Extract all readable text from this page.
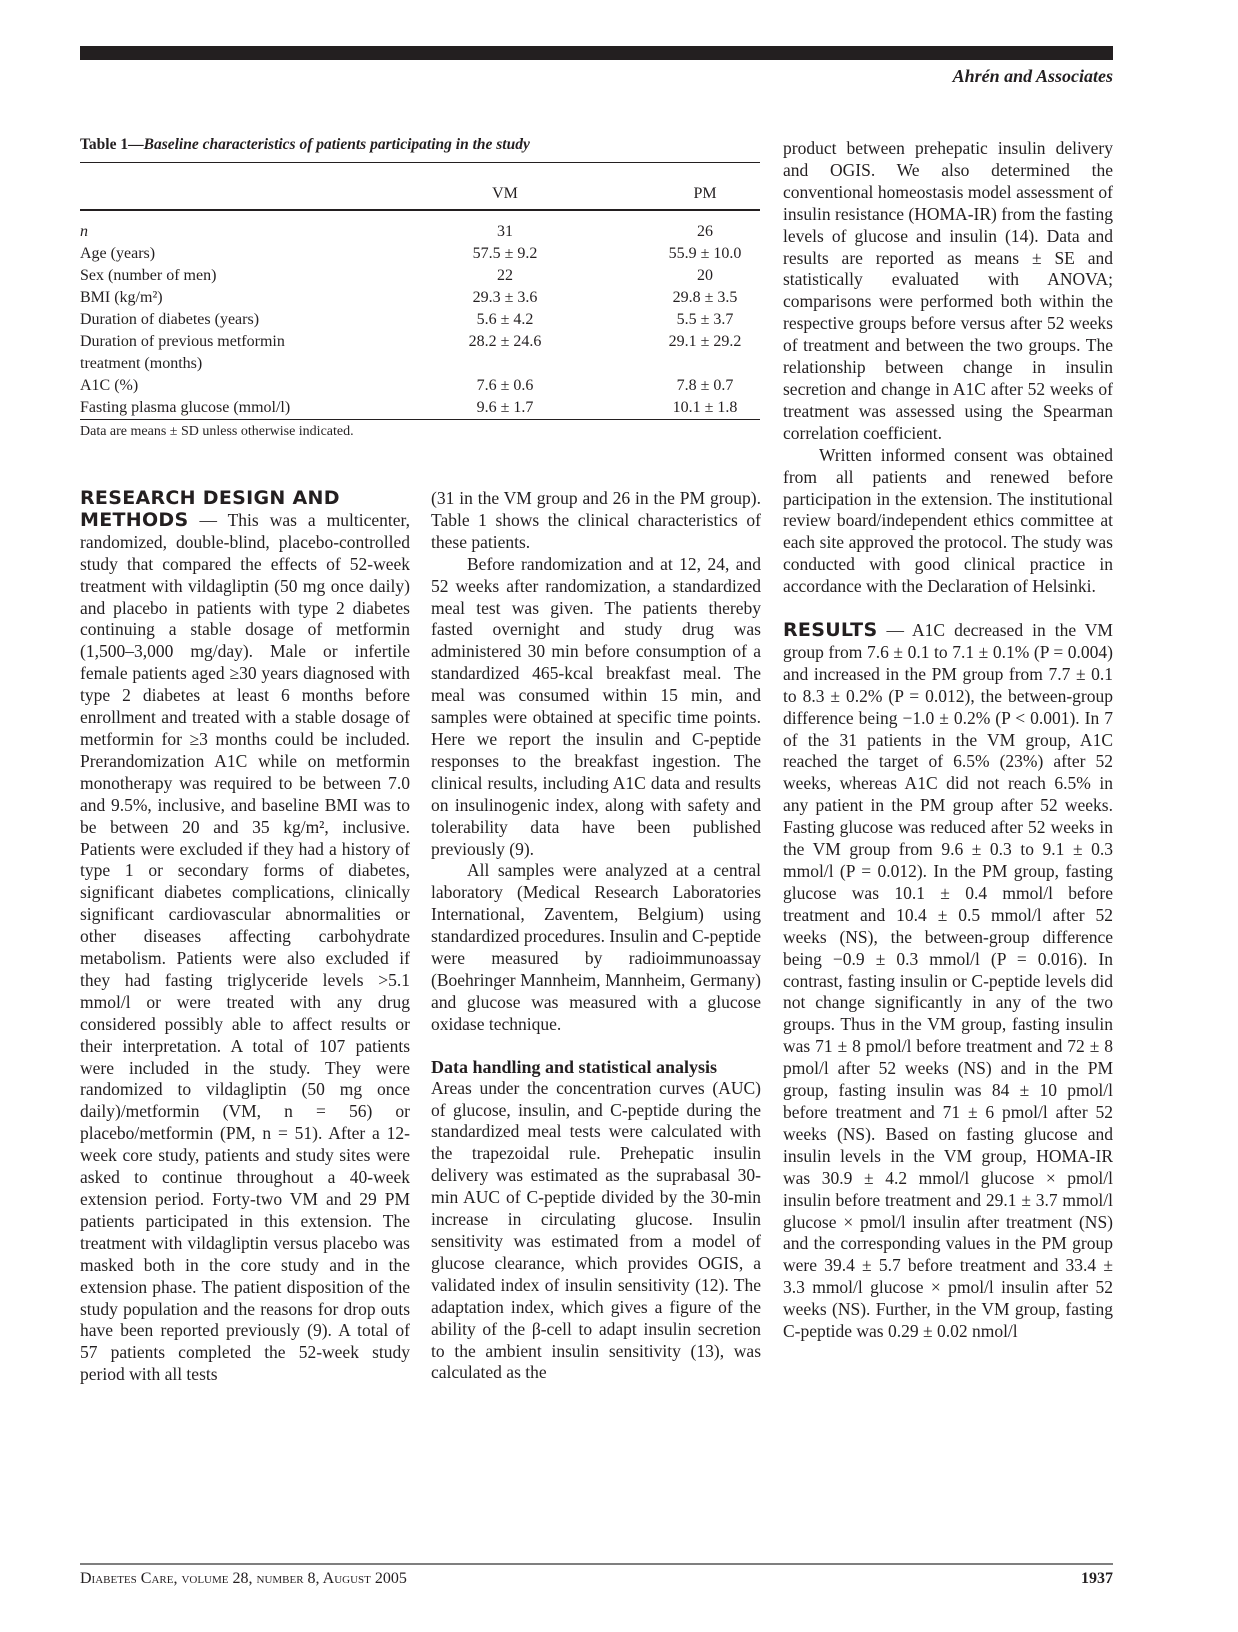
Ahrén and Associates
Table 1—Baseline characteristics of patients participating in the study
	VM	PM
n	31	26
Age (years)	57.5 ± 9.2	55.9 ± 10.0
Sex (number of men)	22	20
BMI (kg/m²)	29.3 ± 3.6	29.8 ± 3.5
Duration of diabetes (years)	5.6 ± 4.2	5.5 ± 3.7
Duration of previous metformin	28.2 ± 24.6	29.1 ± 29.2
treatment (months)		
A1C (%)	7.6 ± 0.6	7.8 ± 0.7
Fasting plasma glucose (mmol/l)	9.6 ± 1.7	10.1 ± 1.8
Data are means ± SD unless otherwise indicated.
RESEARCH DESIGN AND

METHODS — This was a multicenter, randomized, double-blind, placebo-controlled study that compared the effects of 52-week treatment with vildagliptin (50 mg once daily) and placebo in patients with type 2 diabetes continuing a stable dosage of metformin (1,500–3,000 mg/day). Male or infertile female patients aged ≥30 years diagnosed with type 2 diabetes at least 6 months before enrollment and treated with a stable dosage of metformin for ≥3 months could be included. Prerandomization A1C while on metformin monotherapy was required to be between 7.0 and 9.5%, inclusive, and baseline BMI was to be between 20 and 35 kg/m², inclusive. Patients were excluded if they had a history of type 1 or secondary forms of diabetes, significant diabetes complications, clinically significant cardiovascular abnormalities or other diseases affecting carbohydrate metabolism. Patients were also excluded if they had fasting triglyceride levels >5.1 mmol/l or were treated with any drug considered possibly able to affect results or their interpretation. A total of 107 patients were included in the study. They were randomized to vildagliptin (50 mg once daily)/metformin (VM, n = 56) or placebo/metformin (PM, n = 51). After a 12-week core study, patients and study sites were asked to continue throughout a 40-week extension period. Forty-two VM and 29 PM patients participated in this extension. The treatment with vildagliptin versus placebo was masked both in the core study and in the extension phase. The patient disposition of the study population and the reasons for drop outs have been reported previously (9). A total of 57 patients completed the 52-week study period with all tests

(31 in the VM group and 26 in the PM group). Table 1 shows the clinical characteristics of these patients.

Before randomization and at 12, 24, and 52 weeks after randomization, a standardized meal test was given. The patients thereby fasted overnight and study drug was administered 30 min before consumption of a standardized 465-kcal breakfast meal. The meal was consumed within 15 min, and samples were obtained at specific time points. Here we report the insulin and C-peptide responses to the breakfast ingestion. The clinical results, including A1C data and results on insulinogenic index, along with safety and tolerability data have been published previously (9).

All samples were analyzed at a central laboratory (Medical Research Laboratories International, Zaventem, Belgium) using standardized procedures. Insulin and C-peptide were measured by radioimmunoassay (Boehringer Mannheim, Mannheim, Germany) and glucose was measured with a glucose oxidase technique.

Data handling and statistical analysis

Areas under the concentration curves (AUC) of glucose, insulin, and C-peptide during the standardized meal tests were calculated with the trapezoidal rule. Prehepatic insulin delivery was estimated as the suprabasal 30-min AUC of C-peptide divided by the 30-min increase in circulating glucose. Insulin sensitivity was estimated from a model of glucose clearance, which provides OGIS, a validated index of insulin sensitivity (12). The adaptation index, which gives a figure of the ability of the β-cell to adapt insulin secretion to the ambient insulin sensitivity (13), was calculated as the

product between prehepatic insulin delivery and OGIS. We also determined the conventional homeostasis model assessment of insulin resistance (HOMA-IR) from the fasting levels of glucose and insulin (14). Data and results are reported as means ± SE and statistically evaluated with ANOVA; comparisons were performed both within the respective groups before versus after 52 weeks of treatment and between the two groups. The relationship between change in insulin secretion and change in A1C after 52 weeks of treatment was assessed using the Spearman correlation coefficient.

Written informed consent was obtained from all patients and renewed before participation in the extension. The institutional review board/independent ethics committee at each site approved the protocol. The study was conducted with good clinical practice in accordance with the Declaration of Helsinki.

RESULTS — A1C decreased in the VM group from 7.6 ± 0.1 to 7.1 ± 0.1% (P = 0.004) and increased in the PM group from 7.7 ± 0.1 to 8.3 ± 0.2% (P = 0.012), the between-group difference being −1.0 ± 0.2% (P < 0.001). In 7 of the 31 patients in the VM group, A1C reached the target of 6.5% (23%) after 52 weeks, whereas A1C did not reach 6.5% in any patient in the PM group after 52 weeks. Fasting glucose was reduced after 52 weeks in the VM group from 9.6 ± 0.3 to 9.1 ± 0.3 mmol/l (P = 0.012). In the PM group, fasting glucose was 10.1 ± 0.4 mmol/l before treatment and 10.4 ± 0.5 mmol/l after 52 weeks (NS), the between-group difference being −0.9 ± 0.3 mmol/l (P = 0.016). In contrast, fasting insulin or C-peptide levels did not change significantly in any of the two groups. Thus in the VM group, fasting insulin was 71 ± 8 pmol/l before treatment and 72 ± 8 pmol/l after 52 weeks (NS) and in the PM group, fasting insulin was 84 ± 10 pmol/l before treatment and 71 ± 6 pmol/l after 52 weeks (NS). Based on fasting glucose and insulin levels in the VM group, HOMA-IR was 30.9 ± 4.2 mmol/l glucose × pmol/l insulin before treatment and 29.1 ± 3.7 mmol/l glucose × pmol/l insulin after treatment (NS) and the corresponding values in the PM group were 39.4 ± 5.7 before treatment and 33.4 ± 3.3 mmol/l glucose × pmol/l insulin after 52 weeks (NS). Further, in the VM group, fasting C-peptide was 0.29 ± 0.02 nmol/l

Diabetes Care, volume 28, number 8, August 2005	1937
